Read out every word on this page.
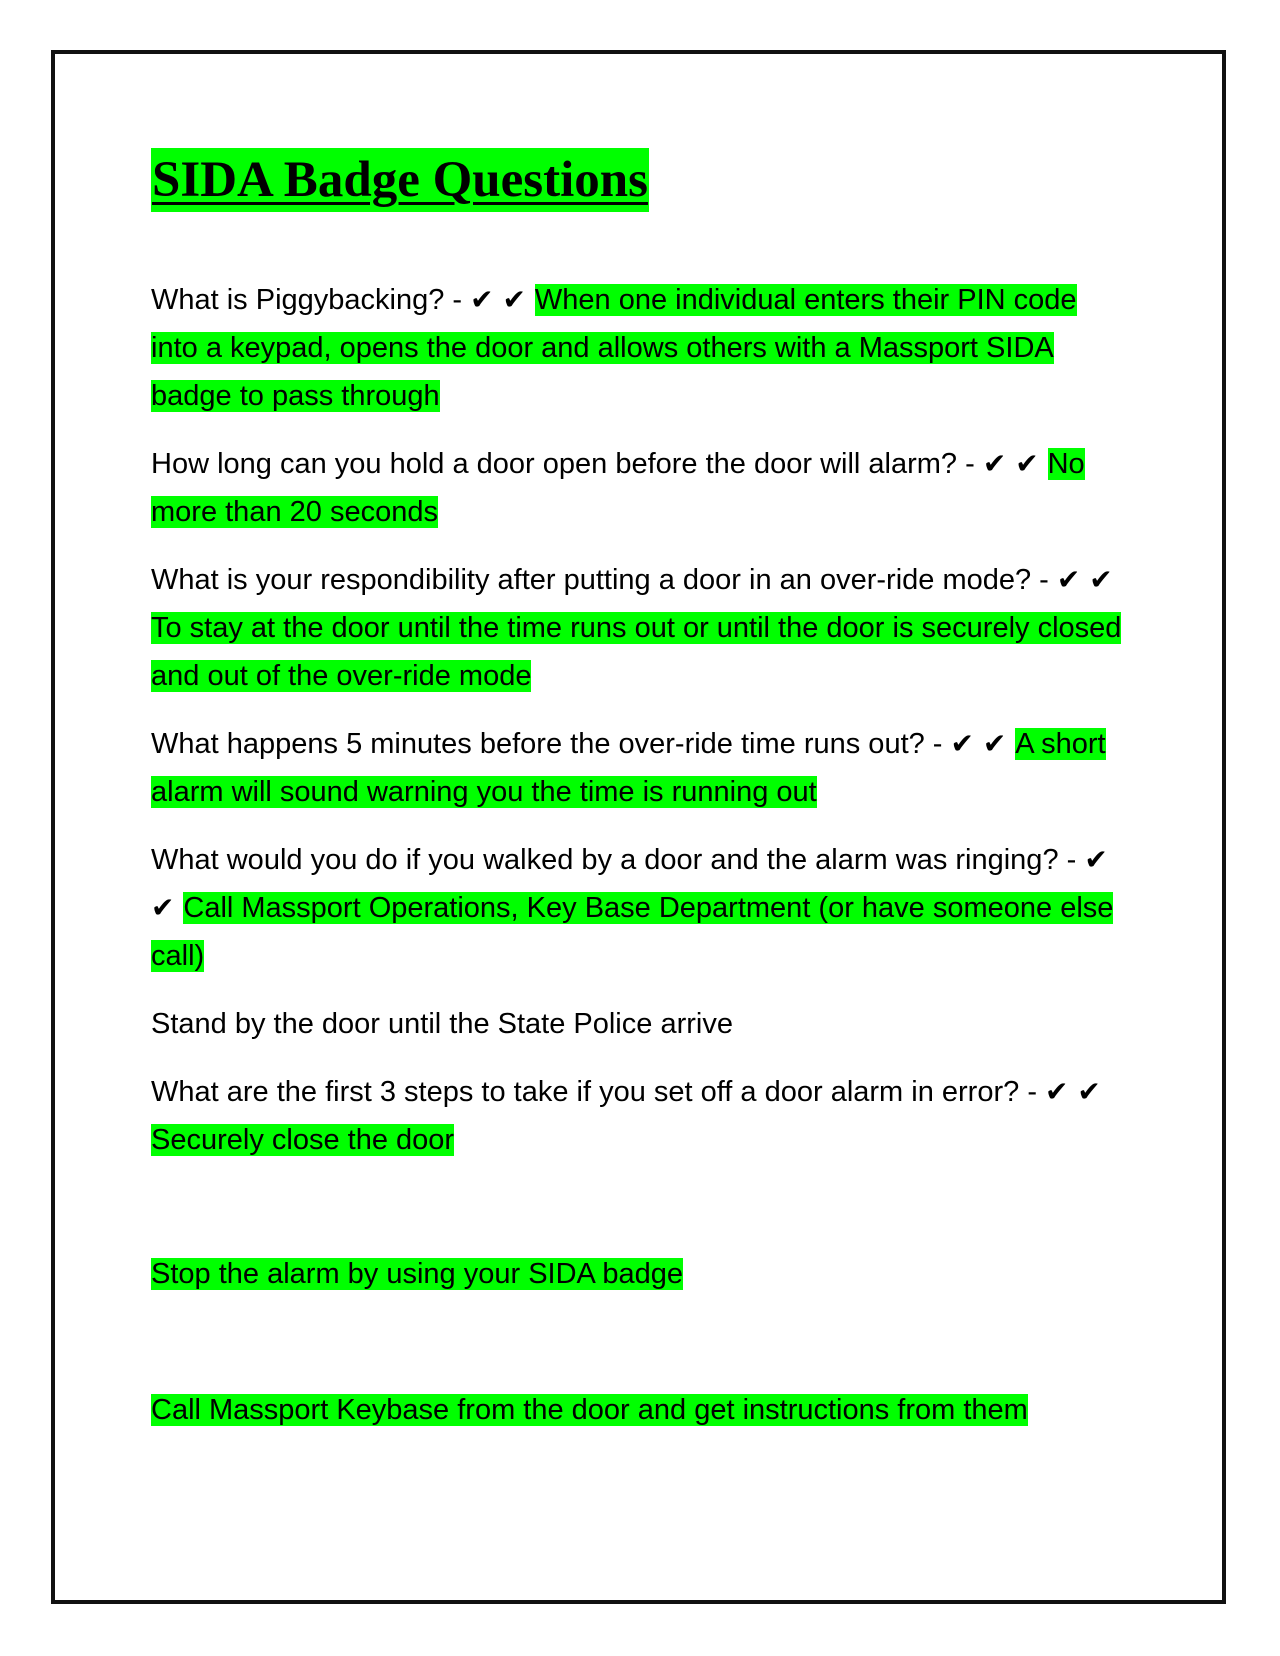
SIDA Badge Questions

What is Piggybacking? - ✔ ✔ When one individual enters their PIN code into a keypad, opens the door and allows others with a Massport SIDA badge to pass through

How long can you hold a door open before the door will alarm? - ✔ ✔ No more than 20 seconds

What is your respondibility after putting a door in an over-ride mode? - ✔ ✔ To stay at the door until the time runs out or until the door is securely closed and out of the over-ride mode

What happens 5 minutes before the over-ride time runs out? - ✔ ✔ A short alarm will sound warning you the time is running out

What would you do if you walked by a door and the alarm was ringing? - ✔ ✔ Call Massport Operations, Key Base Department (or have someone else call)

Stand by the door until the State Police arrive

What are the first 3 steps to take if you set off a door alarm in error? - ✔ ✔ Securely close the door

Stop the alarm by using your SIDA badge

Call Massport Keybase from the door and get instructions from them
